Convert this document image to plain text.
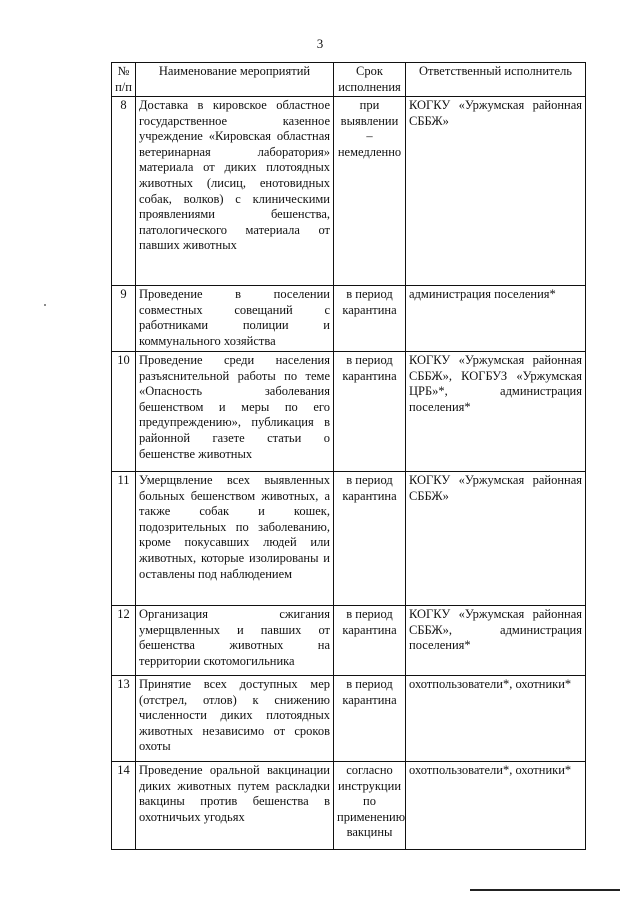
3
№ п/п	Наименование мероприятий	Срок исполнения	Ответственный исполнитель
8	Доставка в кировское областное государственное казенное учреждение «Кировская областная ветеринарная лаборатория» материала от диких плотоядных животных (лисиц, енотовидных собак, волков) с клиническими проявлениями бешенства, патологического материала от павших животных	при выявлении – немедленно	КОГКУ «Уржумская районная СББЖ»
9	Проведение в поселении совместных совещаний с работниками полиции и коммунального хозяйства	в период карантина	администрация поселения*
10	Проведение среди населения разъяснительной работы по теме «Опасность заболевания бешенством и меры по его предупреждению», публикация в районной газете статьи о бешенстве животных	в период карантина	КОГКУ «Уржумская районная СББЖ», КОГБУЗ «Уржумская ЦРБ»*, администрация поселения*
11	Умерщвление всех выявленных больных бешенством животных, а также собак и кошек, подозрительных по заболеванию, кроме покусавших людей или животных, которые изолированы и оставлены под наблюдением	в период карантина	КОГКУ «Уржумская районная СББЖ»
12	Организация сжигания умерщвленных и павших от бешенства животных на территории скотомогильника	в период карантина	КОГКУ «Уржумская районная СББЖ», администрация поселения*
13	Принятие всех доступных мер (отстрел, отлов) к снижению численности диких плотоядных животных независимо от сроков охоты	в период карантина	охотпользователи*, охотники*
14	Проведение оральной вакцинации диких животных путем раскладки вакцины против бешенства в охотничьих угодьях	согласно инструкции по применению вакцины	охотпользователи*, охотники*
